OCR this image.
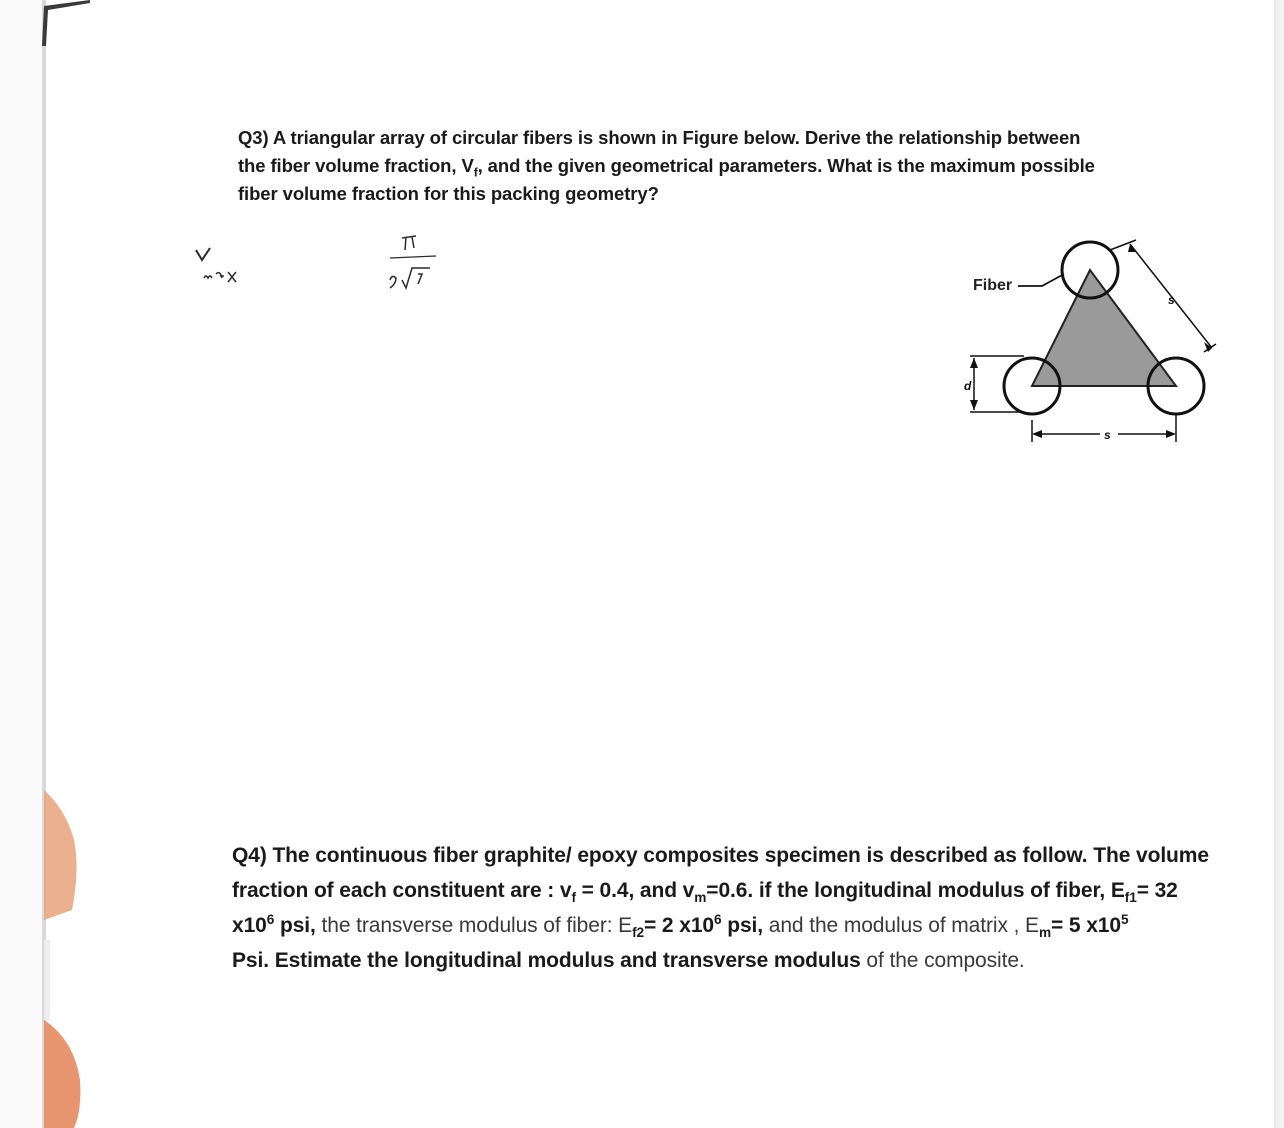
Q3) A triangular array of circular fibers is shown in Figure below. Derive the relationship between
the fiber volume fraction, $V_f$, and the given geometrical parameters. What is the maximum possible
fiber volume fraction for this packing geometry?
s
s
d
Fiber
Q4) The continuous fiber graphite/ epoxy composites specimen is described as follow. The volume
fraction of each constituent are : $v_f = 0.4$, and $v_m=0.6$. if the longitudinal modulus of fiber, $E_{f1}= 32$
$x10^6$ psi, the transverse modulus of fiber: $E_{f2}= 2$ $x10^6$ psi, and the modulus of matrix , $E_m= 5$ $x10^5$
Psi. Estimate the longitudinal modulus and transverse modulus of the composite.
